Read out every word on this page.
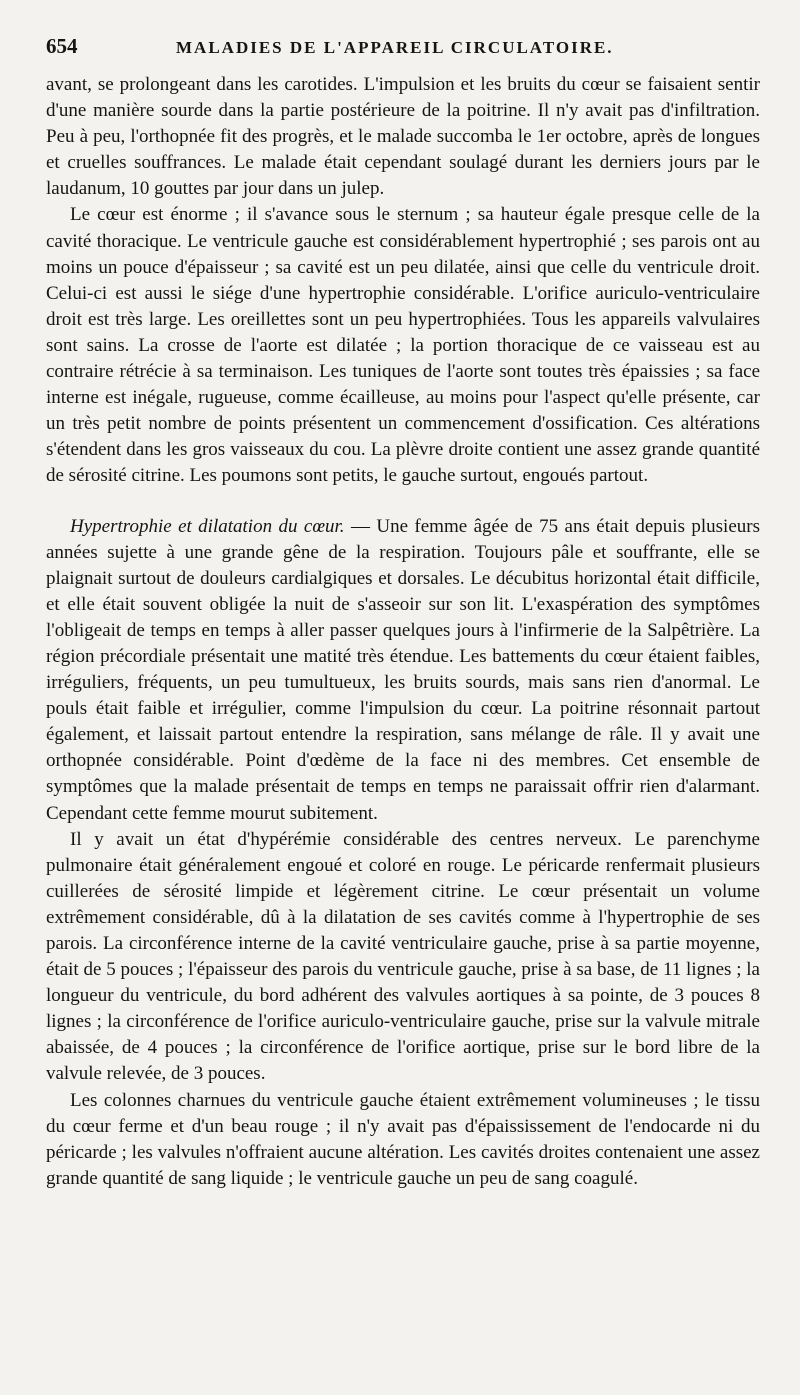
654	MALADIES DE L'APPAREIL CIRCULATOIRE.

avant, se prolongeant dans les carotides. L'impulsion et les bruits du cœur se faisaient sentir d'une manière sourde dans la partie postérieure de la poitrine. Il n'y avait pas d'infiltration. Peu à peu, l'orthopnée fit des progrès, et le malade succomba le 1er octobre, après de longues et cruelles souffrances. Le malade était cependant soulagé durant les derniers jours par le laudanum, 10 gouttes par jour dans un julep.

Le cœur est énorme ; il s'avance sous le sternum ; sa hauteur égale presque celle de la cavité thoracique. Le ventricule gauche est considérablement hypertrophié ; ses parois ont au moins un pouce d'épaisseur ; sa cavité est un peu dilatée, ainsi que celle du ventricule droit. Celui-ci est aussi le siége d'une hypertrophie considérable. L'orifice auriculo-ventriculaire droit est très large. Les oreillettes sont un peu hypertrophiées. Tous les appareils valvulaires sont sains. La crosse de l'aorte est dilatée ; la portion thoracique de ce vaisseau est au contraire rétrécie à sa terminaison. Les tuniques de l'aorte sont toutes très épaissies ; sa face interne est inégale, rugueuse, comme écailleuse, au moins pour l'aspect qu'elle présente, car un très petit nombre de points présentent un commencement d'ossification. Ces altérations s'étendent dans les gros vaisseaux du cou. La plèvre droite contient une assez grande quantité de sérosité citrine. Les poumons sont petits, le gauche surtout, engoués partout.

Hypertrophie et dilatation du cœur. — Une femme âgée de 75 ans était depuis plusieurs années sujette à une grande gêne de la respiration. Toujours pâle et souffrante, elle se plaignait surtout de douleurs cardialgiques et dorsales. Le décubitus horizontal était difficile, et elle était souvent obligée la nuit de s'asseoir sur son lit. L'exaspération des symptômes l'obligeait de temps en temps à aller passer quelques jours à l'infirmerie de la Salpêtrière. La région précordiale présentait une matité très étendue. Les battements du cœur étaient faibles, irréguliers, fréquents, un peu tumultueux, les bruits sourds, mais sans rien d'anormal. Le pouls était faible et irrégulier, comme l'impulsion du cœur. La poitrine résonnait partout également, et laissait partout entendre la respiration, sans mélange de râle. Il y avait une orthopnée considérable. Point d'œdème de la face ni des membres. Cet ensemble de symptômes que la malade présentait de temps en temps ne paraissait offrir rien d'alarmant. Cependant cette femme mourut subitement.

Il y avait un état d'hypérémie considérable des centres nerveux. Le parenchyme pulmonaire était généralement engoué et coloré en rouge. Le péricarde renfermait plusieurs cuillerées de sérosité limpide et légèrement citrine. Le cœur présentait un volume extrêmement considérable, dû à la dilatation de ses cavités comme à l'hypertrophie de ses parois. La circonférence interne de la cavité ventriculaire gauche, prise à sa partie moyenne, était de 5 pouces ; l'épaisseur des parois du ventricule gauche, prise à sa base, de 11 lignes ; la longueur du ventricule, du bord adhérent des valvules aortiques à sa pointe, de 3 pouces 8 lignes ; la circonférence de l'orifice auriculo-ventriculaire gauche, prise sur la valvule mitrale abaissée, de 4 pouces ; la circonférence de l'orifice aortique, prise sur le bord libre de la valvule relevée, de 3 pouces.

Les colonnes charnues du ventricule gauche étaient extrêmement volumineuses ; le tissu du cœur ferme et d'un beau rouge ; il n'y avait pas d'épaississement de l'endocarde ni du péricarde ; les valvules n'offraient aucune altération. Les cavités droites contenaient une assez grande quantité de sang liquide ; le ventricule gauche un peu de sang coagulé.
